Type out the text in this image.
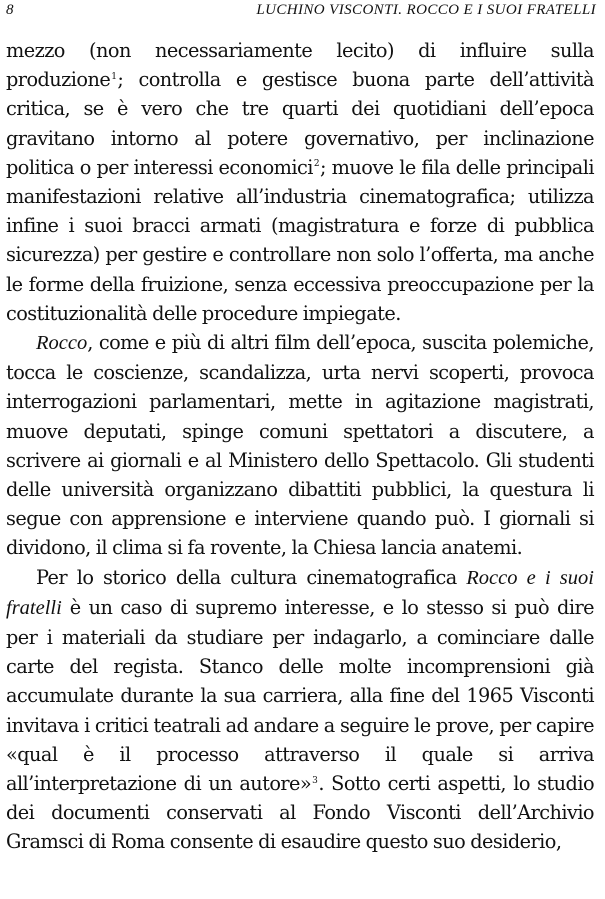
8	LUCHINO VISCONTI. ROCCO E I SUOI FRATELLI

mezzo (non necessariamente lecito) di influire sulla produzione$^1$; controlla e gestisce buona parte dell’attività critica, se è vero che tre quarti dei quotidiani dell’epoca gravitano intorno al potere governativo, per inclinazione politica o per interessi economici$^2$; muove le fila delle principali manifestazioni relative all’industria cinematografica; utilizza infine i suoi bracci armati (magistratura e forze di pubblica sicurezza) per gestire e controllare non solo l’offerta, ma anche le forme della fruizione, senza eccessiva preoccupazione per la costituzionalità delle procedure impiegate.

Rocco, come e più di altri film dell’epoca, suscita polemiche, tocca le coscienze, scandalizza, urta nervi scoperti, provoca interrogazioni parlamentari, mette in agitazione magistrati, muove deputati, spinge comuni spettatori a discutere, a scrivere ai giornali e al Ministero dello Spettacolo. Gli studenti delle università organizzano dibattiti pubblici, la questura li segue con apprensione e interviene quando può. I giornali si dividono, il clima si fa rovente, la Chiesa lancia anatemi.

Per lo storico della cultura cinematografica Rocco e i suoi fratelli è un caso di supremo interesse, e lo stesso si può dire per i materiali da studiare per indagarlo, a cominciare dalle carte del regista. Stanco delle molte incomprensioni già accumulate durante la sua carriera, alla fine del 1965 Visconti invitava i critici teatrali ad andare a seguire le prove, per capire «qual è il processo attraverso il quale si arriva all’interpretazione di un autore»$^3$. Sotto certi aspetti, lo studio dei documenti conservati al Fondo Visconti dell’Archivio Gramsci di Roma consente di esaudire questo suo desiderio,
